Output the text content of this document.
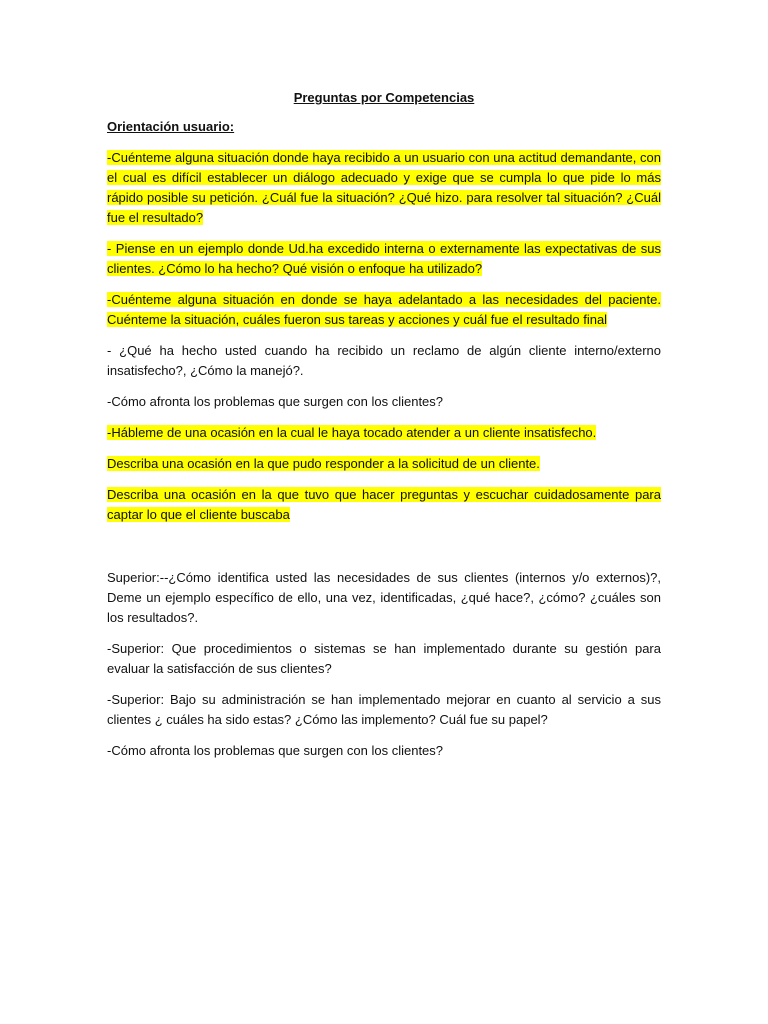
Preguntas por Competencias
Orientación usuario:

-Cuénteme alguna situación donde haya recibido a un usuario con una actitud demandante, con el cual es difícil establecer un diálogo adecuado y exige que se cumpla lo que pide lo más rápido posible su petición. ¿Cuál fue la situación? ¿Qué hizo. para resolver tal situación? ¿Cuál fue el resultado?

- Piense en un ejemplo donde Ud.ha excedido interna o externamente las expectativas de sus clientes. ¿Cómo lo ha hecho? Qué visión o enfoque ha utilizado?

-Cuénteme alguna situación en donde se haya adelantado a las necesidades del paciente. Cuénteme la situación, cuáles fueron sus tareas y acciones y cuál fue el resultado final

- ¿Qué ha hecho usted cuando ha recibido un reclamo de algún cliente interno/externo insatisfecho?, ¿Cómo la manejó?.

-Cómo afronta los problemas que surgen con los clientes?

-Hábleme de una ocasión en la cual le haya tocado atender a un cliente insatisfecho.

Describa una ocasión en la que pudo responder a la solicitud de un cliente.

Describa una ocasión en la que tuvo que hacer preguntas y escuchar cuidadosamente para captar lo que el cliente buscaba

Superior:--¿Cómo identifica usted las necesidades de sus clientes (internos y/o externos)?, Deme un ejemplo específico de ello, una vez, identificadas, ¿qué hace?, ¿cómo? ¿cuáles son los resultados?.

-Superior: Que procedimientos o sistemas se han implementado durante su gestión para evaluar la satisfacción de sus clientes?

-Superior: Bajo su administración se han implementado mejorar en cuanto al servicio a sus clientes ¿ cuáles ha sido estas? ¿Cómo las implemento? Cuál fue su papel?

-Cómo afronta los problemas que surgen con los clientes?
